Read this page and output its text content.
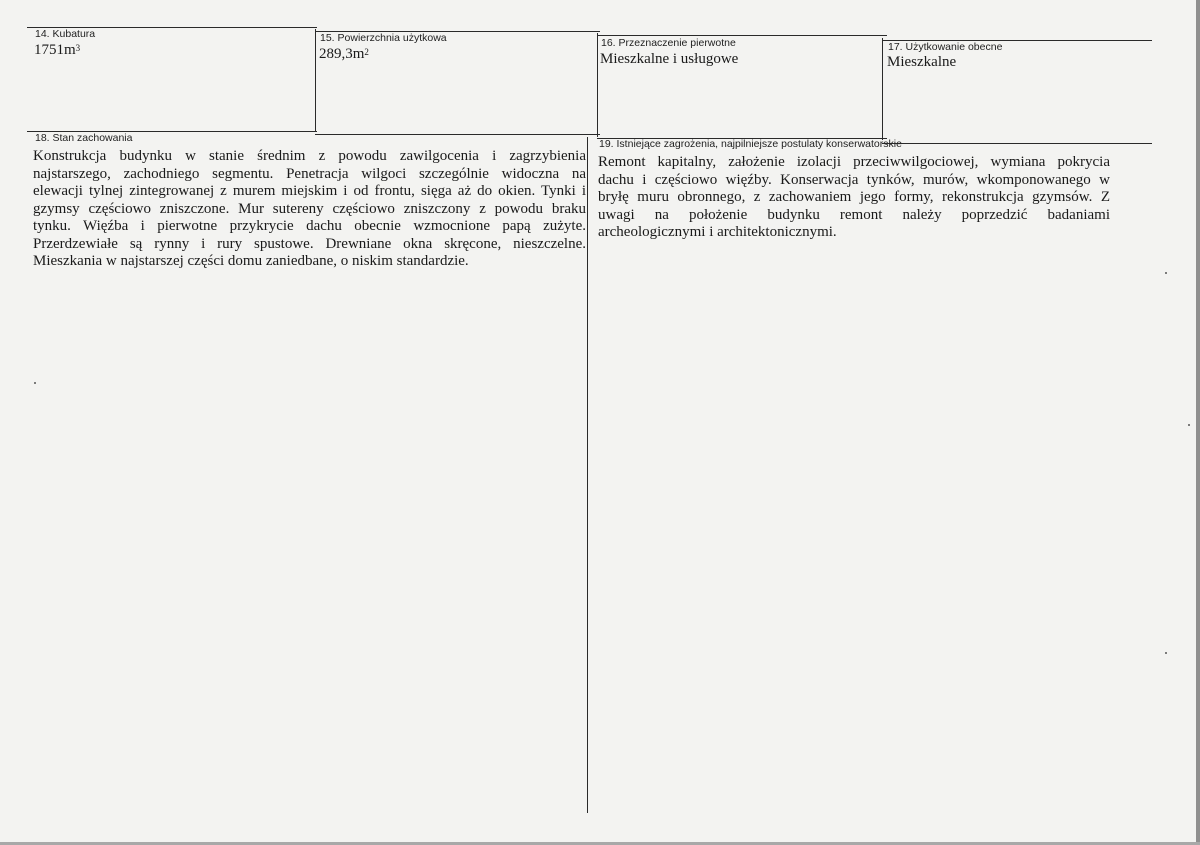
14. Kubatura
$1751m^3$
15. Powierzchnia użytkowa
$289,3m^2$
16. Przeznaczenie pierwotne
Mieszkalne i usługowe
17. Użytkowanie obecne
Mieszkalne
18. Stan zachowania
Konstrukcja budynku w stanie średnim z powodu zawilgocenia i zagrzybienia
najstarszego, zachodniego segmentu. Penetracja wilgoci szczególnie widoczna na
elewacji tylnej zintegrowanej z murem miejskim i od frontu, sięga aż do okien. Tynki i
gzymsy częściowo zniszczone. Mur sutereny częściowo zniszczony z powodu braku
tynku. Więźba i pierwotne przykrycie dachu obecnie wzmocnione papą zużyte.
Przerdzewiałe są rynny i rury spustowe. Drewniane okna skręcone, nieszczelne.
Mieszkania w najstarszej części domu zaniedbane, o niskim standardzie.
19. Istniejące zagrożenia, najpilniejsze postulaty konserwatorskie
Remont kapitalny, założenie izolacji przeciwwilgociowej, wymiana pokrycia
dachu i częściowo więźby. Konserwacja tynków, murów, wkomponowanego w
bryłę muru obronnego, z zachowaniem jego formy, rekonstrukcja gzymsów. Z
uwagi na położenie budynku remont należy poprzedzić badaniami
archeologicznymi i architektonicznymi.
